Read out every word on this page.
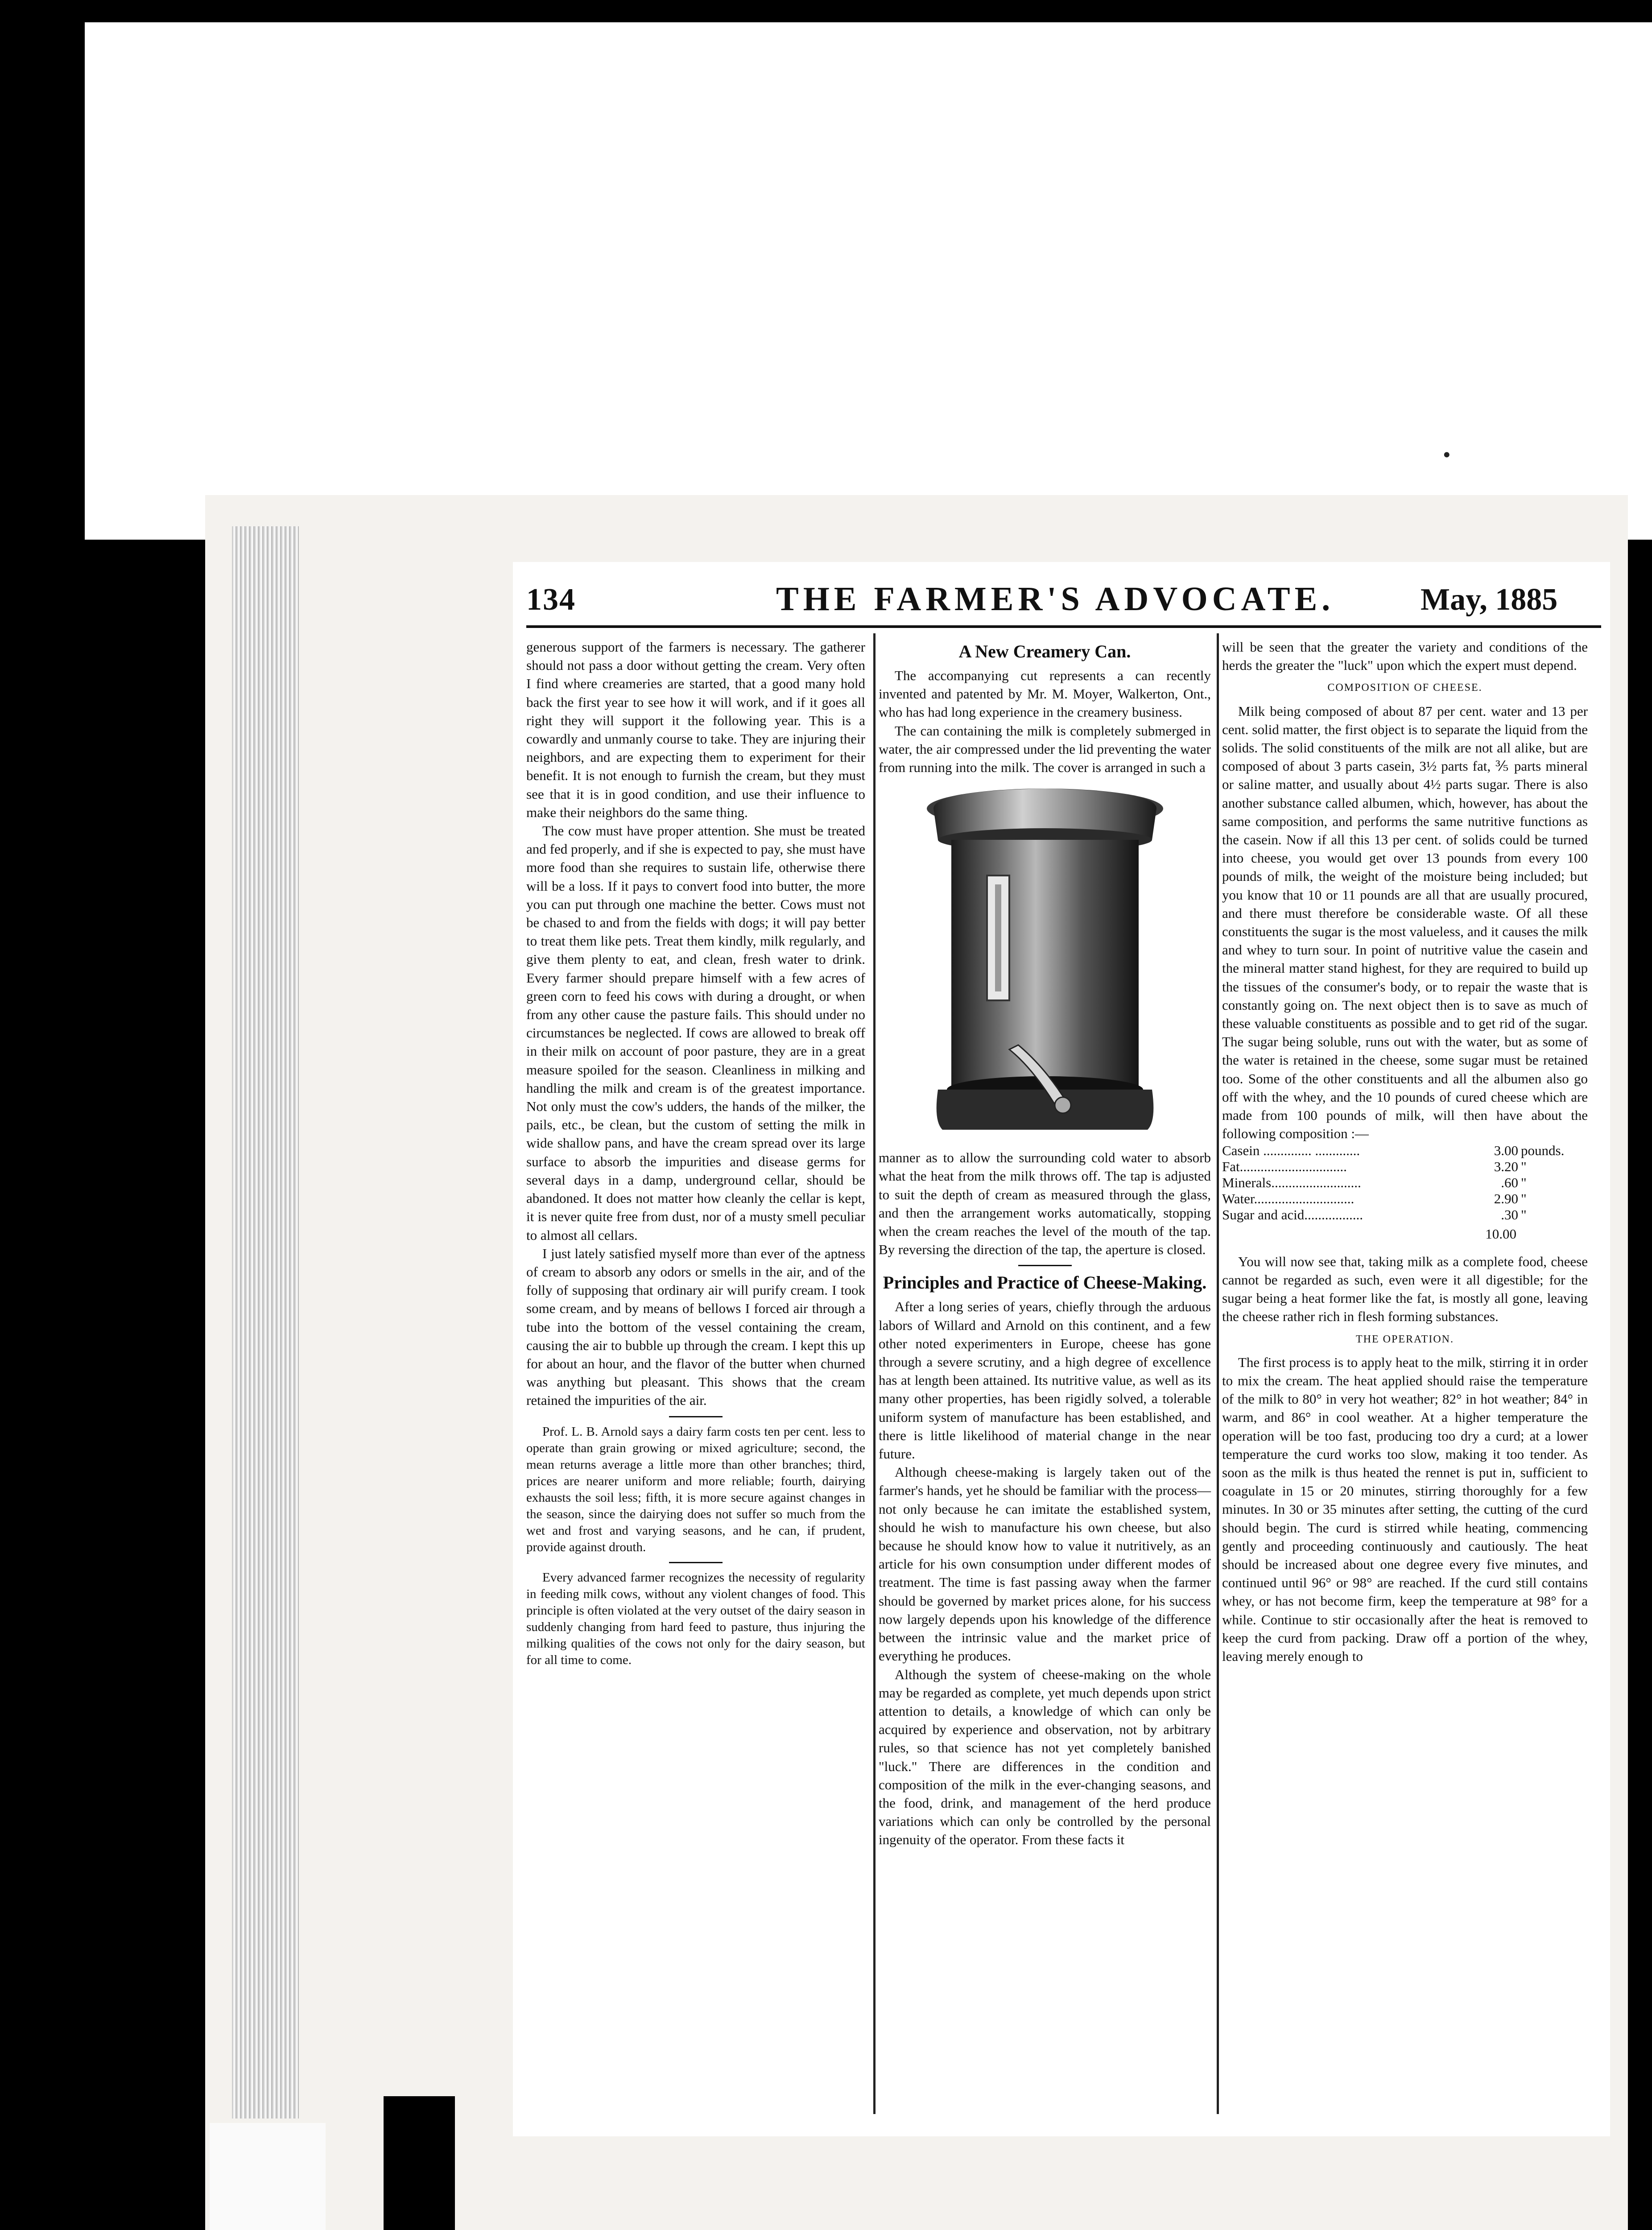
•
134	THE FARMER'S ADVOCATE.	May, 1885

generous support of the farmers is necessary. The gatherer should not pass a door without getting the cream. Very often I find where creameries are started, that a good many hold back the first year to see how it will work, and if it goes all right they will support it the following year. This is a cowardly and unmanly course to take. They are injuring their neighbors, and are expecting them to experiment for their benefit. It is not enough to furnish the cream, but they must see that it is in good condition, and use their influence to make their neighbors do the same thing.

The cow must have proper attention. She must be treated and fed properly, and if she is expected to pay, she must have more food than she requires to sustain life, otherwise there will be a loss. If it pays to convert food into butter, the more you can put through one machine the better. Cows must not be chased to and from the fields with dogs; it will pay better to treat them like pets. Treat them kindly, milk regularly, and give them plenty to eat, and clean, fresh water to drink. Every farmer should prepare himself with a few acres of green corn to feed his cows with during a drought, or when from any other cause the pasture fails. This should under no circumstances be neglected. If cows are allowed to break off in their milk on account of poor pasture, they are in a great measure spoiled for the season. Cleanliness in milking and handling the milk and cream is of the greatest importance. Not only must the cow's udders, the hands of the milker, the pails, etc., be clean, but the custom of setting the milk in wide shallow pans, and have the cream spread over its large surface to absorb the impurities and disease germs for several days in a damp, underground cellar, should be abandoned. It does not matter how cleanly the cellar is kept, it is never quite free from dust, nor of a musty smell peculiar to almost all cellars.

I just lately satisfied myself more than ever of the aptness of cream to absorb any odors or smells in the air, and of the folly of supposing that ordinary air will purify cream. I took some cream, and by means of bellows I forced air through a tube into the bottom of the vessel containing the cream, causing the air to bubble up through the cream. I kept this up for about an hour, and the flavor of the butter when churned was anything but pleasant. This shows that the cream retained the impurities of the air.

Prof. L. B. Arnold says a dairy farm costs ten per cent. less to operate than grain growing or mixed agriculture; second, the mean returns average a little more than other branches; third, prices are nearer uniform and more reliable; fourth, dairying exhausts the soil less; fifth, it is more secure against changes in the season, since the dairying does not suffer so much from the wet and frost and varying seasons, and he can, if prudent, provide against drouth.

Every advanced farmer recognizes the necessity of regularity in feeding milk cows, without any violent changes of food. This principle is often violated at the very outset of the dairy season in suddenly changing from hard feed to pasture, thus injuring the milking qualities of the cows not only for the dairy season, but for all time to come.

A New Creamery Can.

The accompanying cut represents a can recently invented and patented by Mr. M. Moyer, Walkerton, Ont., who has had long experience in the creamery business.

The can containing the milk is completely submerged in water, the air compressed under the lid preventing the water from running into the milk. The cover is arranged in such a

manner as to allow the surrounding cold water to absorb what the heat from the milk throws off. The tap is adjusted to suit the depth of cream as measured through the glass, and then the arrangement works automatically, stopping when the cream reaches the level of the mouth of the tap. By reversing the direction of the tap, the aperture is closed.

Principles and Practice of Cheese-Making.

After a long series of years, chiefly through the arduous labors of Willard and Arnold on this continent, and a few other noted experimenters in Europe, cheese has gone through a severe scrutiny, and a high degree of excellence has at length been attained. Its nutritive value, as well as its many other properties, has been rigidly solved, a tolerable uniform system of manufacture has been established, and there is little likelihood of material change in the near future.

Although cheese-making is largely taken out of the farmer's hands, yet he should be familiar with the process—not only because he can imitate the established system, should he wish to manufacture his own cheese, but also because he should know how to value it nutritively, as an article for his own consumption under different modes of treatment. The time is fast passing away when the farmer should be governed by market prices alone, for his success now largely depends upon his knowledge of the difference between the intrinsic value and the market price of everything he produces.

Although the system of cheese-making on the whole may be regarded as complete, yet much depends upon strict attention to details, a knowledge of which can only be acquired by experience and observation, not by arbitrary rules, so that science has not yet completely banished "luck." There are differences in the condition and composition of the milk in the ever-changing seasons, and the food, drink, and management of the herd produce variations which can only be controlled by the personal ingenuity of the operator. From these facts it

will be seen that the greater the variety and conditions of the herds the greater the "luck" upon which the expert must depend.

COMPOSITION OF CHEESE.

Milk being composed of about 87 per cent. water and 13 per cent. solid matter, the first object is to separate the liquid from the solids. The solid constituents of the milk are not all alike, but are composed of about 3 parts casein, 3½ parts fat, ⅗ parts mineral or saline matter, and usually about 4½ parts sugar. There is also another substance called albumen, which, however, has about the same composition, and performs the same nutritive functions as the casein. Now if all this 13 per cent. of solids could be turned into cheese, you would get over 13 pounds from every 100 pounds of milk, the weight of the moisture being included; but you know that 10 or 11 pounds are all that are usually procured, and there must therefore be considerable waste. Of all these constituents the sugar is the most valueless, and it causes the milk and whey to turn sour. In point of nutritive value the casein and the mineral matter stand highest, for they are required to build up the tissues of the consumer's body, or to repair the waste that is constantly going on. The next object then is to save as much of these valuable constituents as possible and to get rid of the sugar. The sugar being soluble, runs out with the water, but as some of the water is retained in the cheese, some sugar must be retained too. Some of the other constituents and all the albumen also go off with the whey, and the 10 pounds of cured cheese which are made from 100 pounds of milk, will then have about the following composition :—

Casein .............. .............	3.00	pounds.
Fat...............................	3.20	"
Minerals..........................	.60	"
Water.............................	2.90	"
Sugar and acid.................	.30	"
10.00

You will now see that, taking milk as a complete food, cheese cannot be regarded as such, even were it all digestible; for the sugar being a heat former like the fat, is mostly all gone, leaving the cheese rather rich in flesh forming substances.

THE OPERATION.

The first process is to apply heat to the milk, stirring it in order to mix the cream. The heat applied should raise the temperature of the milk to 80° in very hot weather; 82° in hot weather; 84° in warm, and 86° in cool weather. At a higher temperature the operation will be too fast, producing too dry a curd; at a lower temperature the curd works too slow, making it too tender. As soon as the milk is thus heated the rennet is put in, sufficient to coagulate in 15 or 20 minutes, stirring thoroughly for a few minutes. In 30 or 35 minutes after setting, the cutting of the curd should begin. The curd is stirred while heating, commencing gently and proceeding continuously and cautiously. The heat should be increased about one degree every five minutes, and continued until 96° or 98° are reached. If the curd still contains whey, or has not become firm, keep the temperature at 98° for a while. Continue to stir occasionally after the heat is removed to keep the curd from packing. Draw off a portion of the whey, leaving merely enough to
